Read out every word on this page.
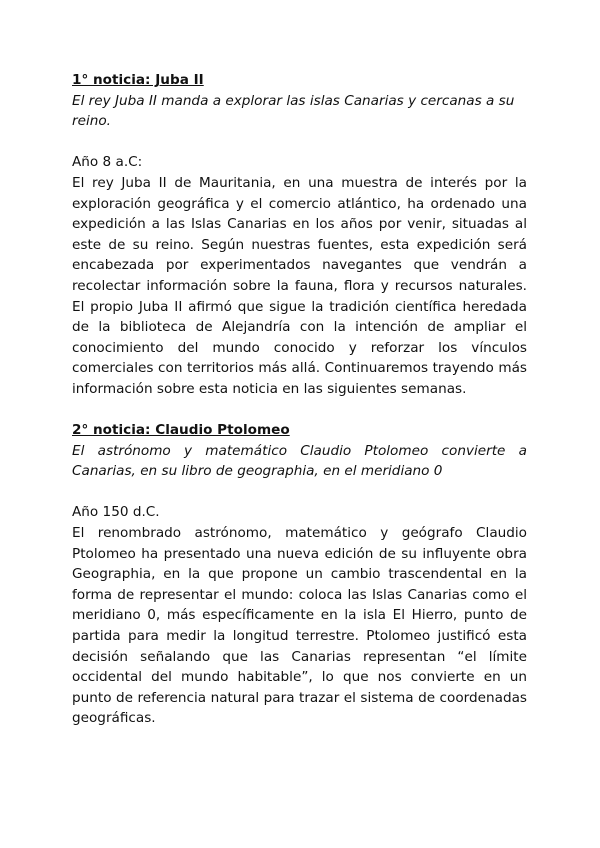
1° noticia: Juba II

El rey Juba II manda a explorar las islas Canarias y cercanas a su reino.

Año 8 a.C:

El rey Juba II de Mauritania, en una muestra de interés por la exploración geográfica y el comercio atlántico, ha ordenado una expedición a las Islas Canarias en los años por venir, situadas al este de su reino. Según nuestras fuentes, esta expedición será encabezada por experimentados navegantes que vendrán a recolectar información sobre la fauna, flora y recursos naturales. El propio Juba II afirmó que sigue la tradición científica heredada de la biblioteca de Alejandría con la intención de ampliar el conocimiento del mundo conocido y reforzar los vínculos comerciales con territorios más allá. Continuaremos trayendo más información sobre esta noticia en las siguientes semanas.

2° noticia: Claudio Ptolomeo

El astrónomo y matemático Claudio Ptolomeo convierte a Canarias, en su libro de geographia, en el meridiano 0

Año 150 d.C.

El renombrado astrónomo, matemático y geógrafo Claudio Ptolomeo ha presentado una nueva edición de su influyente obra Geographia, en la que propone un cambio trascendental en la forma de representar el mundo: coloca las Islas Canarias como el meridiano 0, más específicamente en la isla El Hierro, punto de partida para medir la longitud terrestre. Ptolomeo justificó esta decisión señalando que las Canarias representan “el límite occidental del mundo habitable”, lo que nos convierte en un punto de referencia natural para trazar el sistema de coordenadas geográficas.
